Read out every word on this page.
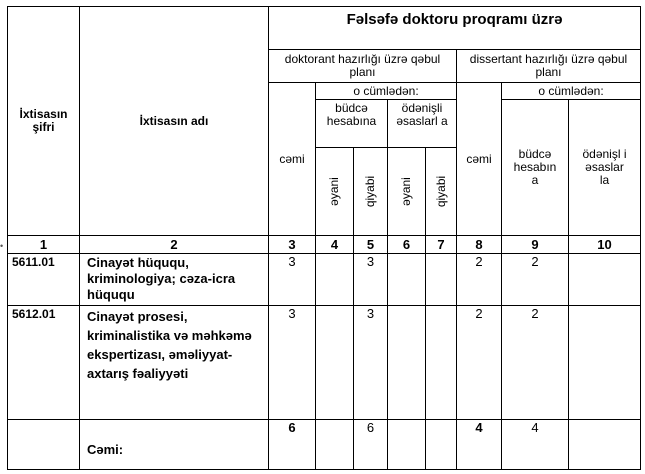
•
İxtisasın şifri	İxtisasın adı	Fəlsəfə doktoru proqramı üzrə							
		doktorant hazırlığı üzrə qəbul planı					dissertant hazırlığı üzrə qəbul planı		
		cəmi	o cümlədən:				cəmi	o cümlədən:	
			büdcə hesabına		ödənişli əsaslarl a			büdcə hesabın a	ödənişl i əsaslar la
			əyani	qiyabi	əyani	qiyabi			
1	2	3	4	5	6	7	8	9	10
5611.01	Cinayət hüququ, kriminologiya; cəza-icra hüququ	3		3			2	2	
5612.01	Cinayət prosesi, kriminalistika və məhkəmə ekspertizası, əməliyyat-axtarış fəaliyyəti	3		3			2	2	
	Cəmi:	6		6			4	4	
